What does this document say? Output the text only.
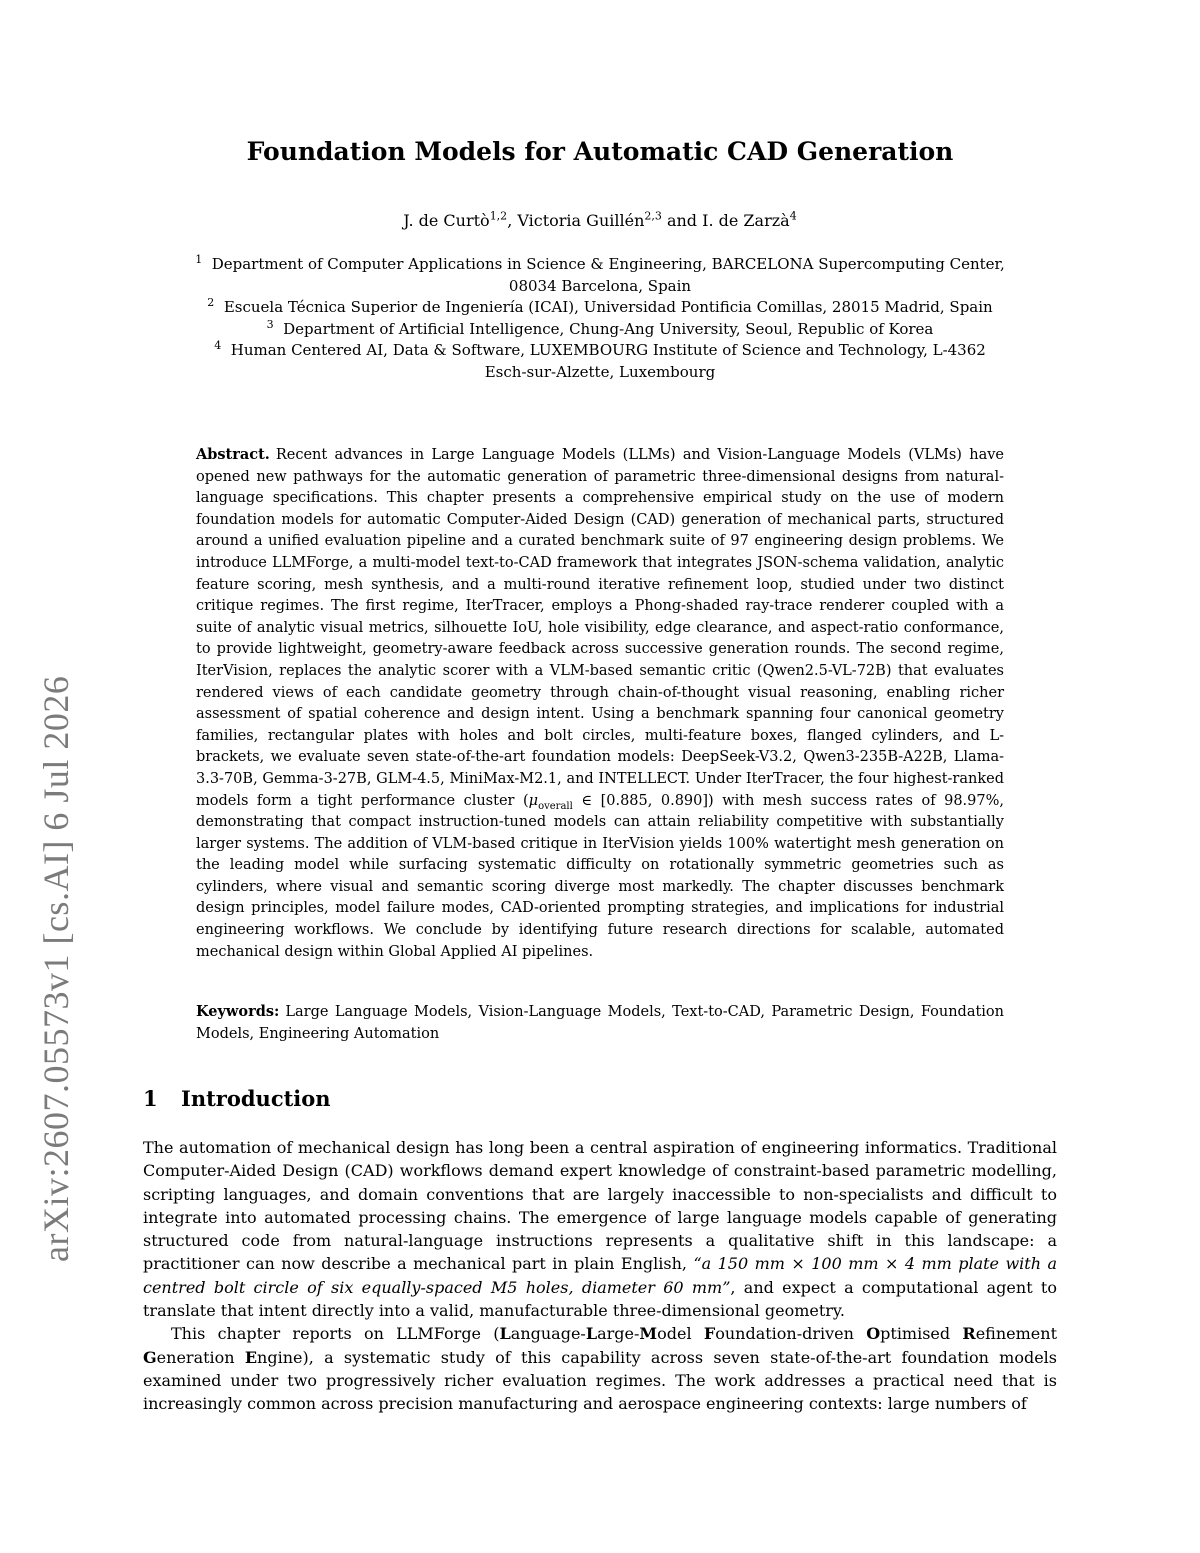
arXiv:2607.05573v1 [cs.AI] 6 Jul 2026
Foundation Models for Automatic CAD Generation
J. de Curtò$^{1,2}$, Victoria Guillén$^{2,3}$ and I. de Zarzà$^4$
$^1$ Department of Computer Applications in Science & Engineering, BARCELONA Supercomputing Center,
08034 Barcelona, Spain
$^2$ Escuela Técnica Superior de Ingeniería (ICAI), Universidad Pontificia Comillas, 28015 Madrid, Spain
$^3$ Department of Artificial Intelligence, Chung-Ang University, Seoul, Republic of Korea
$^4$ Human Centered AI, Data & Software, LUXEMBOURG Institute of Science and Technology, L-4362
Esch-sur-Alzette, Luxembourg
Abstract. Recent advances in Large Language Models (LLMs) and Vision-Language Models (VLMs) have opened new pathways for the automatic generation of parametric three-dimensional designs from natural-language specifications. This chapter presents a comprehensive empirical study on the use of modern foundation models for automatic Computer-Aided Design (CAD) generation of mechanical parts, structured around a unified evaluation pipeline and a curated benchmark suite of 97 engineering design problems. We introduce LLMForge, a multi-model text-to-CAD framework that integrates JSON-schema validation, analytic feature scoring, mesh synthesis, and a multi-round iterative refinement loop, studied under two distinct critique regimes. The first regime, IterTracer, employs a Phong-shaded ray-trace renderer coupled with a suite of analytic visual metrics, silhouette IoU, hole visibility, edge clearance, and aspect-ratio conformance, to provide lightweight, geometry-aware feedback across successive generation rounds. The second regime, IterVision, replaces the analytic scorer with a VLM-based semantic critic (Qwen2.5-VL-72B) that evaluates rendered views of each candidate geometry through chain-of-thought visual reasoning, enabling richer assessment of spatial coherence and design intent. Using a benchmark spanning four canonical geometry families, rectangular plates with holes and bolt circles, multi-feature boxes, flanged cylinders, and L-brackets, we evaluate seven state-of-the-art foundation models: DeepSeek-V3.2, Qwen3-235B-A22B, Llama-3.3-70B, Gemma-3-27B, GLM-4.5, MiniMax-M2.1, and INTELLECT. Under IterTracer, the four highest-ranked models form a tight performance cluster ($\mu_{overall}$ ∈ [0.885, 0.890]) with mesh success rates of 98.97%, demonstrating that compact instruction-tuned models can attain reliability competitive with substantially larger systems. The addition of VLM-based critique in IterVision yields 100% watertight mesh generation on the leading model while surfacing systematic difficulty on rotationally symmetric geometries such as cylinders, where visual and semantic scoring diverge most markedly. The chapter discusses benchmark design principles, model failure modes, CAD-oriented prompting strategies, and implications for industrial engineering workflows. We conclude by identifying future research directions for scalable, automated mechanical design within Global Applied AI pipelines.
Keywords: Large Language Models, Vision-Language Models, Text-to-CAD, Parametric Design, Foundation Models, Engineering Automation
1 Introduction

The automation of mechanical design has long been a central aspiration of engineering informatics. Traditional Computer-Aided Design (CAD) workflows demand expert knowledge of constraint-based parametric modelling, scripting languages, and domain conventions that are largely inaccessible to non-specialists and difficult to integrate into automated processing chains. The emergence of large language models capable of generating structured code from natural-language instructions represents a qualitative shift in this landscape: a practitioner can now describe a mechanical part in plain English, “a 150 mm × 100 mm × 4 mm plate with a centred bolt circle of six equally-spaced M5 holes, diameter 60 mm”, and expect a computational agent to translate that intent directly into a valid, manufacturable three-dimensional geometry.

This chapter reports on LLMForge (Language-Large-Model Foundation-driven Optimised Refinement Generation Engine), a systematic study of this capability across seven state-of-the-art foundation models examined under two progressively richer evaluation regimes. The work addresses a practical need that is increasingly common across precision manufacturing and aerospace engineering contexts: large numbers of
